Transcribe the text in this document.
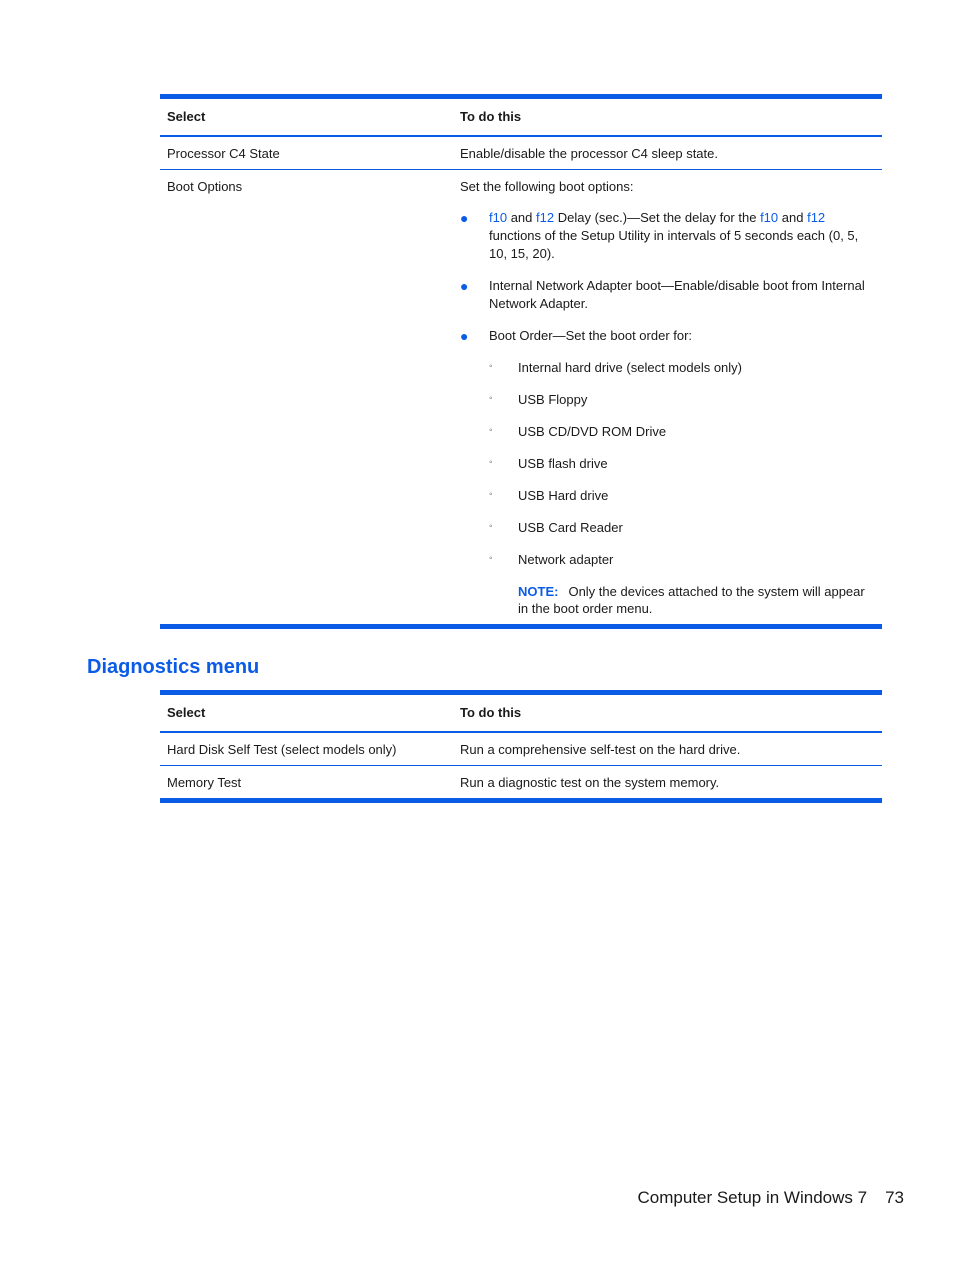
Select	To do this
Processor C4 State	Enable/disable the processor C4 sleep state.
Boot Options	Set the following boot options:
● f10 and f12 Delay (sec.)—Set the delay for the f10 and f12 functions of the Setup Utility in intervals of 5 seconds each (0, 5, 10, 15, 20).
● Internal Network Adapter boot—Enable/disable boot from Internal Network Adapter.
● Boot Order—Set the boot order for:
◦ Internal hard drive (select models only)
◦ USB Floppy
◦ USB CD/DVD ROM Drive
◦ USB flash drive
◦ USB Hard drive
◦ USB Card Reader
◦ Network adapter
NOTE: Only the devices attached to the system will appear in the boot order menu.
Diagnostics menu
Select	To do this
Hard Disk Self Test (select models only)	Run a comprehensive self-test on the hard drive.
Memory Test	Run a diagnostic test on the system memory.
Computer Setup in Windows 7 73
